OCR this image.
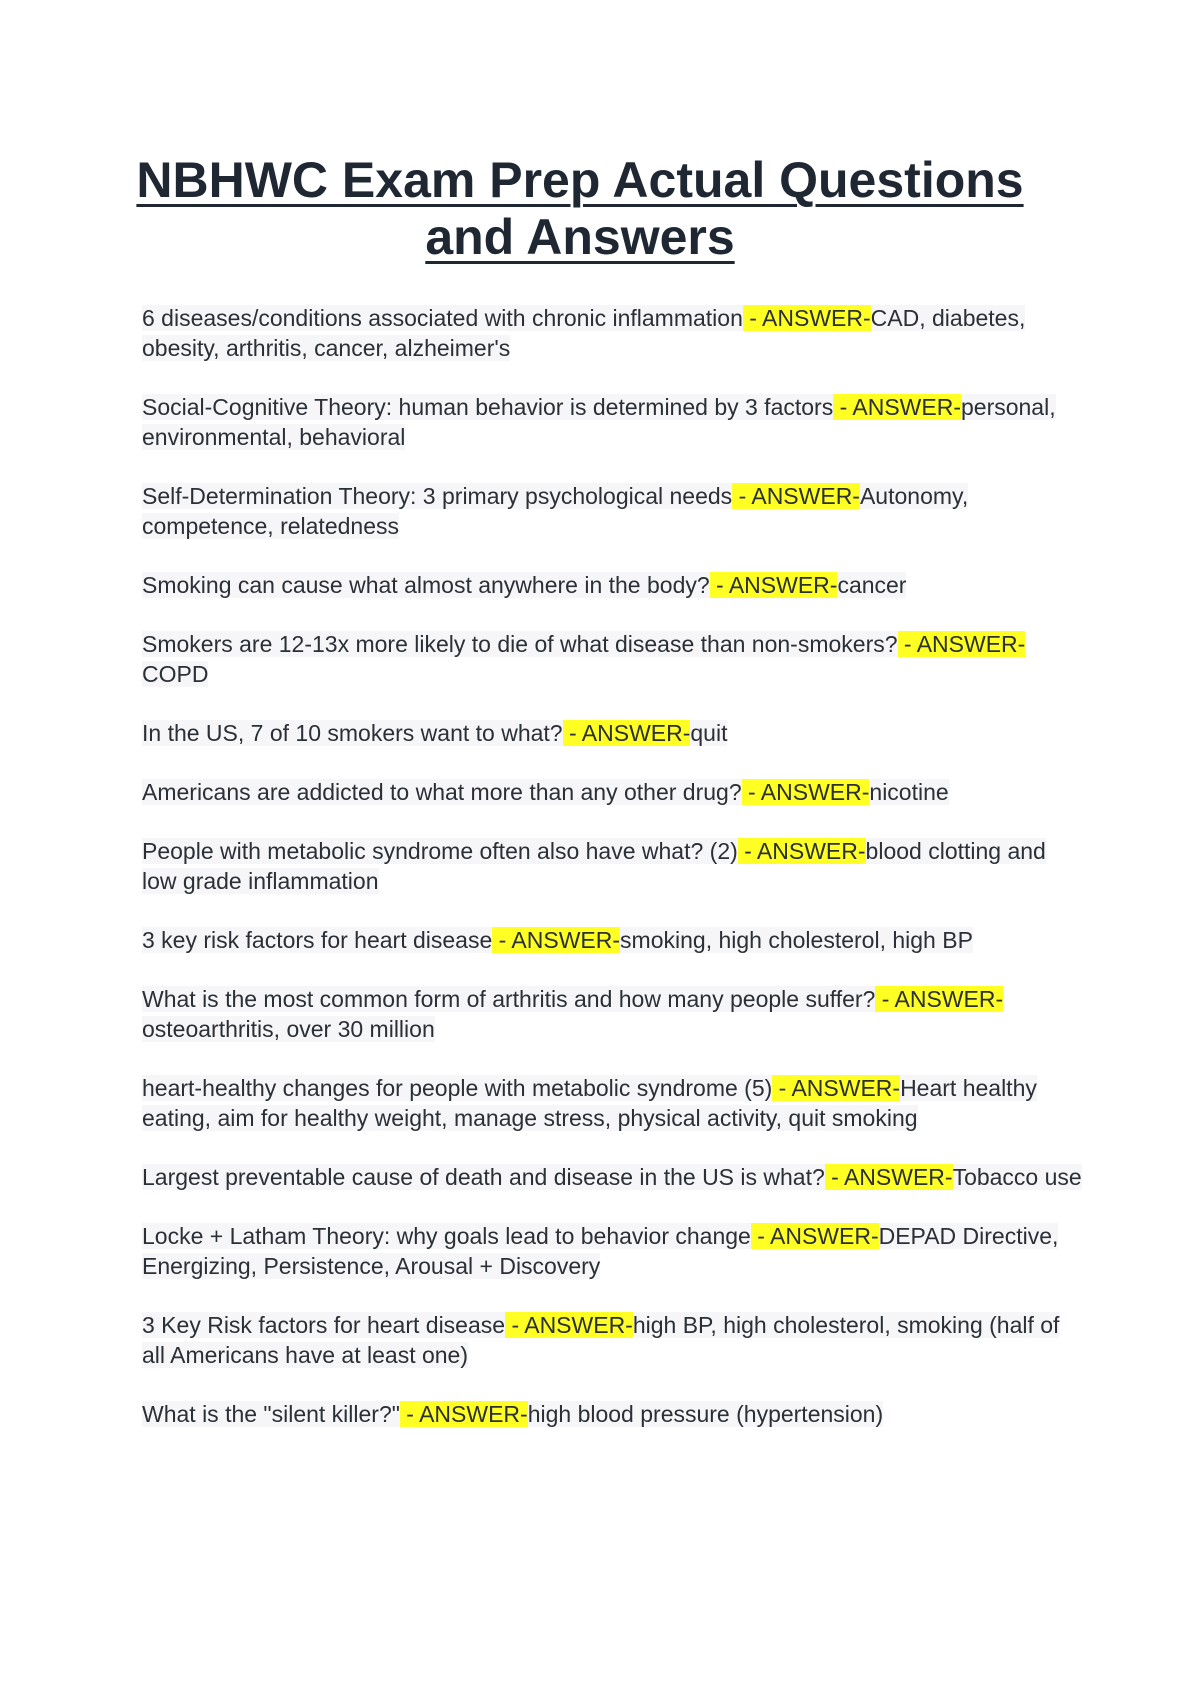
NBHWC Exam Prep Actual Questions and Answers
6 diseases/conditions associated with chronic inflammation - ANSWER-CAD, diabetes, obesity, arthritis, cancer, alzheimer's
Social-Cognitive Theory: human behavior is determined by 3 factors - ANSWER-personal, environmental, behavioral
Self-Determination Theory: 3 primary psychological needs - ANSWER-Autonomy, competence, relatedness
Smoking can cause what almost anywhere in the body? - ANSWER-cancer
Smokers are 12-13x more likely to die of what disease than non-smokers? - ANSWER-COPD
In the US, 7 of 10 smokers want to what? - ANSWER-quit
Americans are addicted to what more than any other drug? - ANSWER-nicotine
People with metabolic syndrome often also have what? (2) - ANSWER-blood clotting and low grade inflammation
3 key risk factors for heart disease - ANSWER-smoking, high cholesterol, high BP
What is the most common form of arthritis and how many people suffer? - ANSWER-osteoarthritis, over 30 million
heart-healthy changes for people with metabolic syndrome (5) - ANSWER-Heart healthy eating, aim for healthy weight, manage stress, physical activity, quit smoking
Largest preventable cause of death and disease in the US is what? - ANSWER-Tobacco use
Locke + Latham Theory: why goals lead to behavior change - ANSWER-DEPAD Directive, Energizing, Persistence, Arousal + Discovery
3 Key Risk factors for heart disease - ANSWER-high BP, high cholesterol, smoking (half of all Americans have at least one)
What is the "silent killer?" - ANSWER-high blood pressure (hypertension)
